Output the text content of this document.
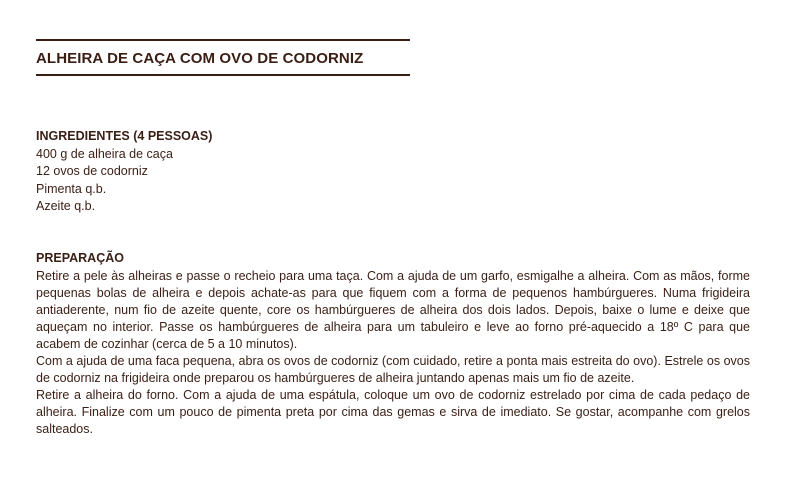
ALHEIRA DE CAÇA COM OVO DE CODORNIZ
INGREDIENTES (4 PESSOAS)
400 g de alheira de caça
12 ovos de codorniz
Pimenta q.b.
Azeite q.b.
PREPARAÇÃO

Retire a pele às alheiras e passe o recheio para uma taça. Com a ajuda de um garfo, esmigalhe a alheira. Com as mãos, forme pequenas bolas de alheira e depois achate-as para que fiquem com a forma de pequenos hambúrgueres. Numa frigideira antiaderente, num fio de azeite quente, core os hambúrgueres de alheira dos dois lados. Depois, baixe o lume e deixe que aqueçam no interior. Passe os hambúrgueres de alheira para um tabuleiro e leve ao forno pré-aquecido a 18º C para que acabem de cozinhar (cerca de 5 a 10 minutos).

Com a ajuda de uma faca pequena, abra os ovos de codorniz (com cuidado, retire a ponta mais estreita do ovo). Estrele os ovos de codorniz na frigideira onde preparou os hambúrgueres de alheira juntando apenas mais um fio de azeite.

Retire a alheira do forno. Com a ajuda de uma espátula, coloque um ovo de codorniz estrelado por cima de cada pedaço de alheira. Finalize com um pouco de pimenta preta por cima das gemas e sirva de imediato. Se gostar, acompanhe com grelos salteados.
